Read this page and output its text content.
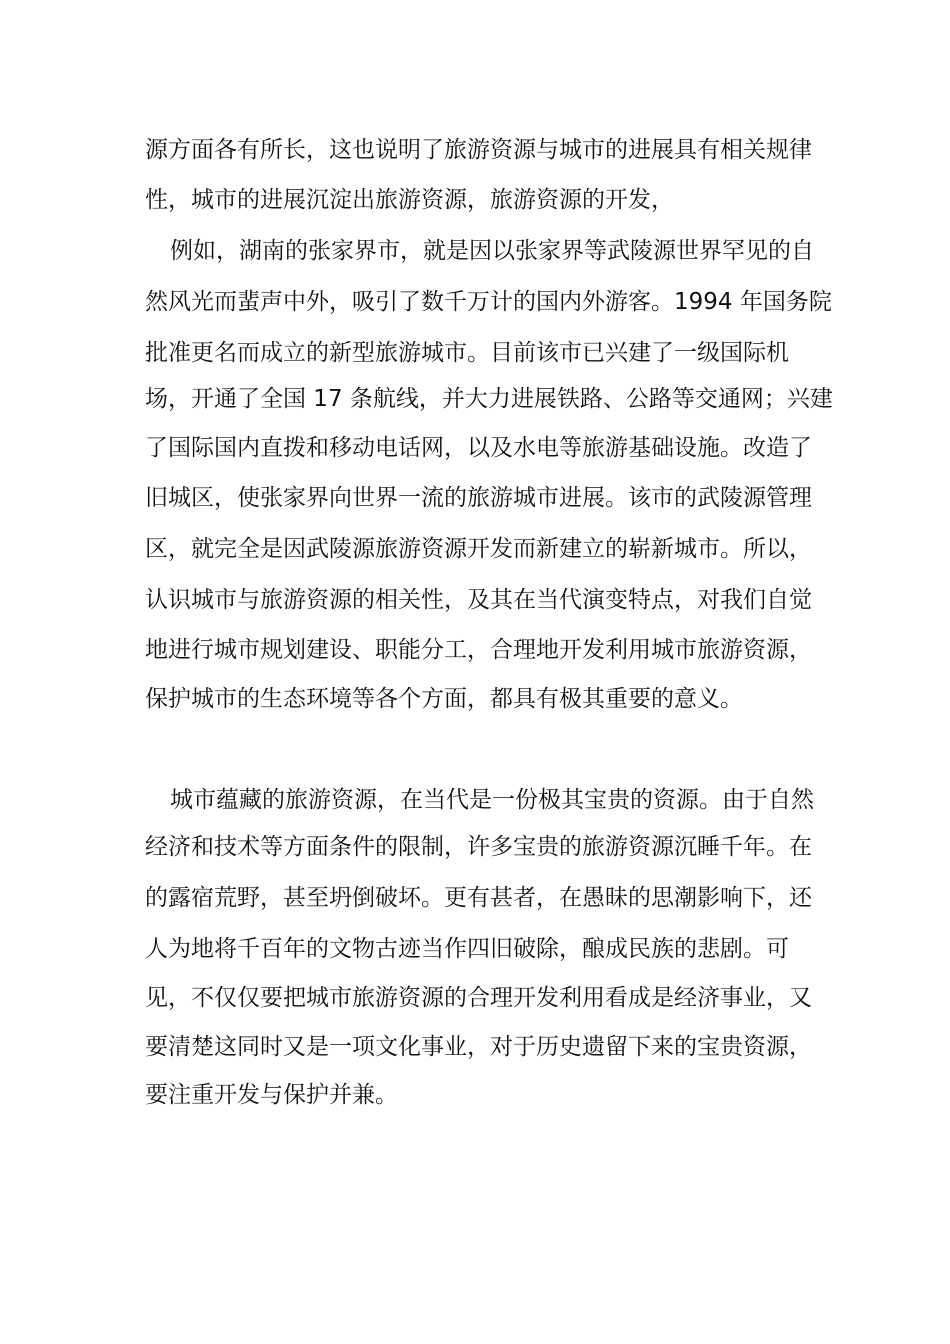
源方面各有所长，这也说明了旅游资源与城市的进展具有相关规律
性，城市的进展沉淀出旅游资源，旅游资源的开发，
例如，湖南的张家界市，就是因以张家界等武陵源世界罕见的自
然风光而蜚声中外，吸引了数千万计的国内外游客。1994 年国务院
批准更名而成立的新型旅游城市。目前该市已兴建了一级国际机
场，开通了全国 17 条航线，并大力进展铁路、公路等交通网；兴建
了国际国内直拨和移动电话网，以及水电等旅游基础设施。改造了
旧城区，使张家界向世界一流的旅游城市进展。该市的武陵源管理
区，就完全是因武陵源旅游资源开发而新建立的崭新城市。所以，
认识城市与旅游资源的相关性，及其在当代演变特点，对我们自觉
地进行城市规划建设、职能分工，合理地开发利用城市旅游资源，
保护城市的生态环境等各个方面，都具有极其重要的意义。
城市蕴藏的旅游资源，在当代是一份极其宝贵的资源。由于自然
经济和技术等方面条件的限制，许多宝贵的旅游资源沉睡千年。在
的露宿荒野，甚至坍倒破坏。更有甚者，在愚昧的思潮影响下，还
人为地将千百年的文物古迹当作四旧破除，酿成民族的悲剧。可
见，不仅仅要把城市旅游资源的合理开发利用看成是经济事业，又
要清楚这同时又是一项文化事业，对于历史遗留下来的宝贵资源，
要注重开发与保护并兼。
